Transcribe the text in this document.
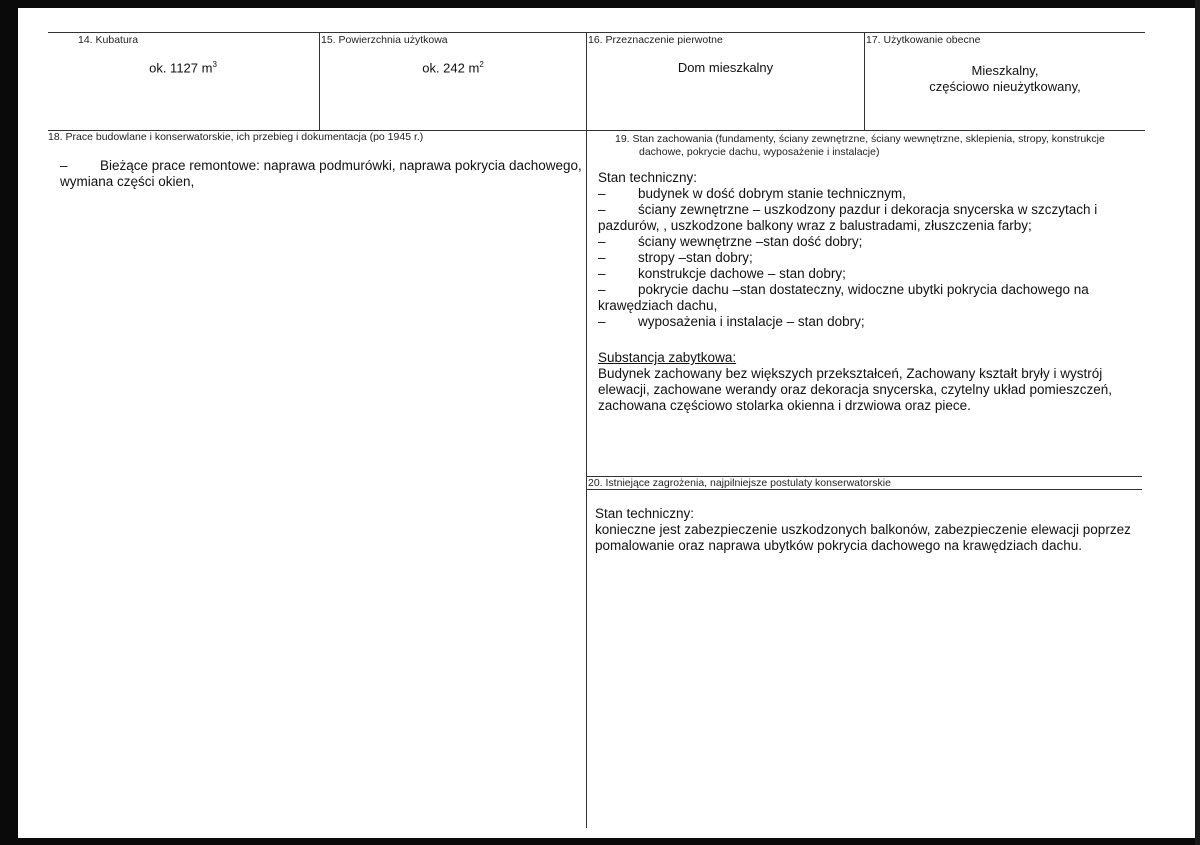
14. Kubatura
ok. 1127 $m^3$
15. Powierzchnia użytkowa
ok. 242 $m^2$
16. Przeznaczenie pierwotne
Dom mieszkalny
17. Użytkowanie obecne
Mieszkalny,
częściowo nieużytkowany,
18. Prace budowlane i konserwatorskie, ich przebieg i dokumentacja (po 1945 r.)

– Bieżące prace remontowe: naprawa podmurówki, naprawa pokrycia dachowego,

wymiana części okien,

19. Stan zachowania (fundamenty, ściany zewnętrzne, ściany wewnętrzne, sklepienia, stropy, konstrukcje
dachowe, pokrycie dachu, wyposażenie i instalacje)

Stan techniczny:

– budynek w dość dobrym stanie technicznym,

– ściany zewnętrzne – uszkodzony pazdur i dekoracja snycerska w szczytach i

pazdurów, , uszkodzone balkony wraz z balustradami, złuszczenia farby;

– ściany wewnętrzne –stan dość dobry;

– stropy –stan dobry;

– konstrukcje dachowe – stan dobry;

– pokrycie dachu –stan dostateczny, widoczne ubytki pokrycia dachowego na

krawędziach dachu,

– wyposażenia i instalacje – stan dobry;

Substancja zabytkowa:

Budynek zachowany bez większych przekształceń, Zachowany kształt bryły i wystrój

elewacji, zachowane werandy oraz dekoracja snycerska, czytelny układ pomieszczeń,

zachowana częściowo stolarka okienna i drzwiowa oraz piece.

20. Istniejące zagrożenia, najpilniejsze postulaty konserwatorskie

Stan techniczny:

konieczne jest zabezpieczenie uszkodzonych balkonów, zabezpieczenie elewacji poprzez

pomalowanie oraz naprawa ubytków pokrycia dachowego na krawędziach dachu.
